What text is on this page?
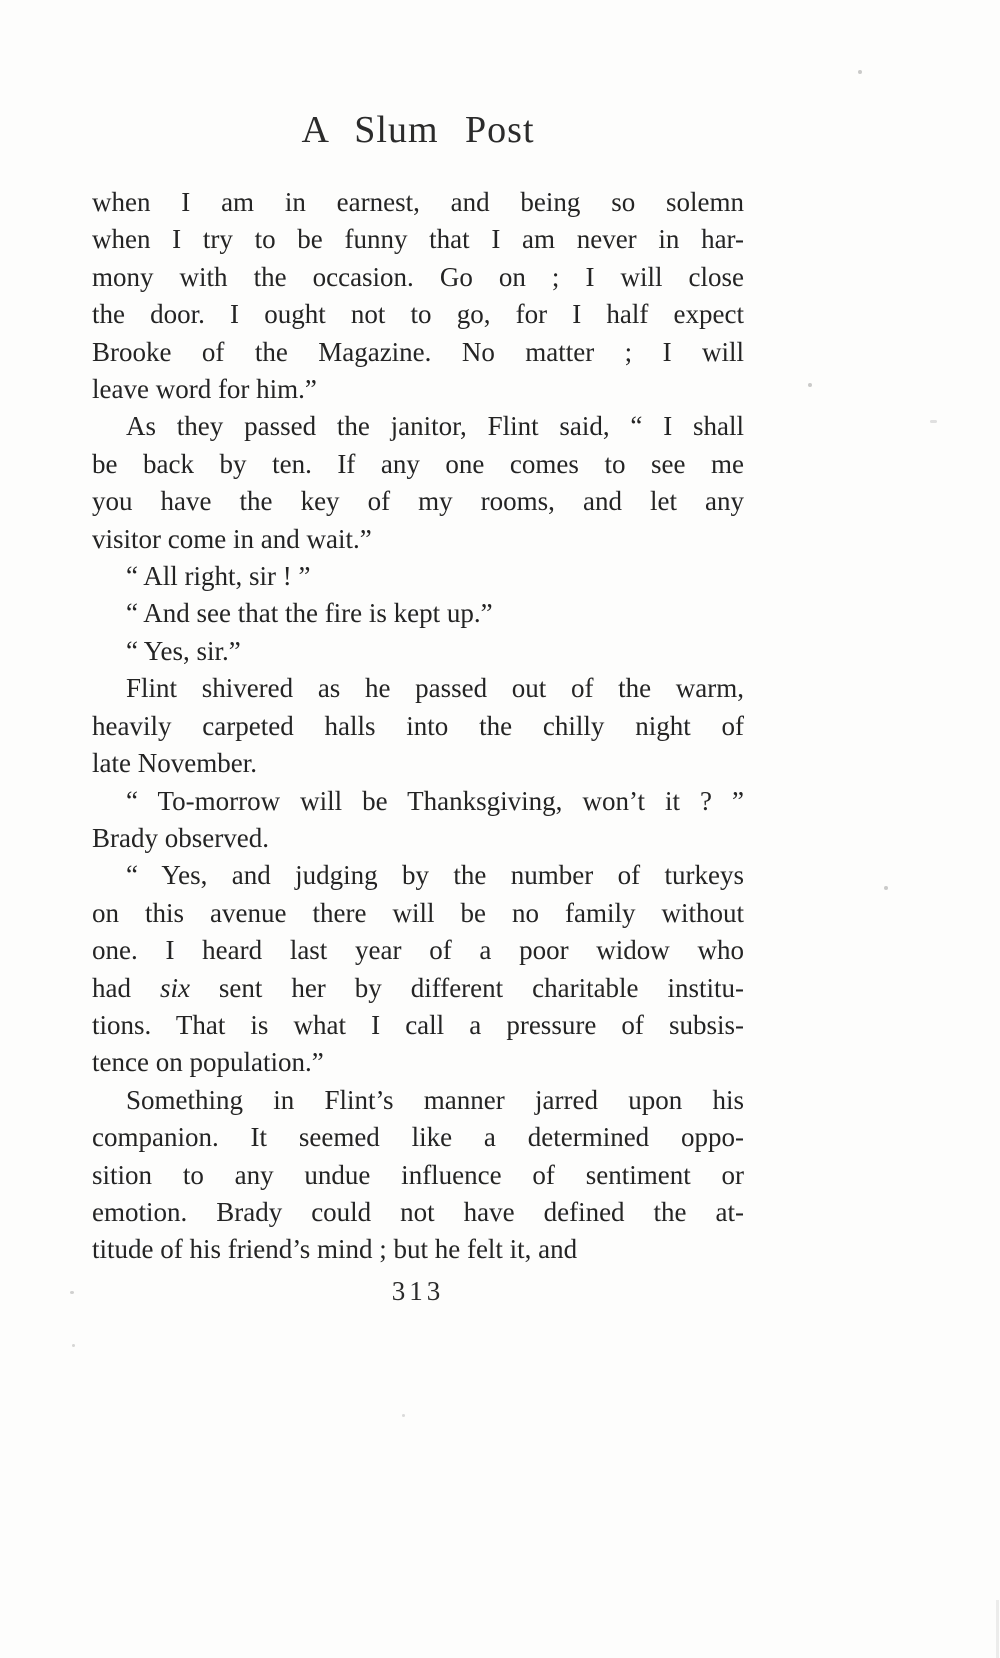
A Slum Post
when I am in earnest, and being so solemn
when I try to be funny that I am never in har-
mony with the occasion. Go on ; I will close
the door. I ought not to go, for I half expect
Brooke of the Magazine. No matter ; I will
leave word for him.”
As they passed the janitor, Flint said, “ I shall
be back by ten. If any one comes to see me
you have the key of my rooms, and let any
visitor come in and wait.”
“ All right, sir ! ”
“ And see that the fire is kept up.”
“ Yes, sir.”
Flint shivered as he passed out of the warm,
heavily carpeted halls into the chilly night of
late November.
“ To-morrow will be Thanksgiving, won’t it ? ”
Brady observed.
“ Yes, and judging by the number of turkeys
on this avenue there will be no family without
one. I heard last year of a poor widow who
had six sent her by different charitable institu-
tions. That is what I call a pressure of subsis-
tence on population.”
Something in Flint’s manner jarred upon his
companion. It seemed like a determined oppo-
sition to any undue influence of sentiment or
emotion. Brady could not have defined the at-
titude of his friend’s mind ; but he felt it, and
313
